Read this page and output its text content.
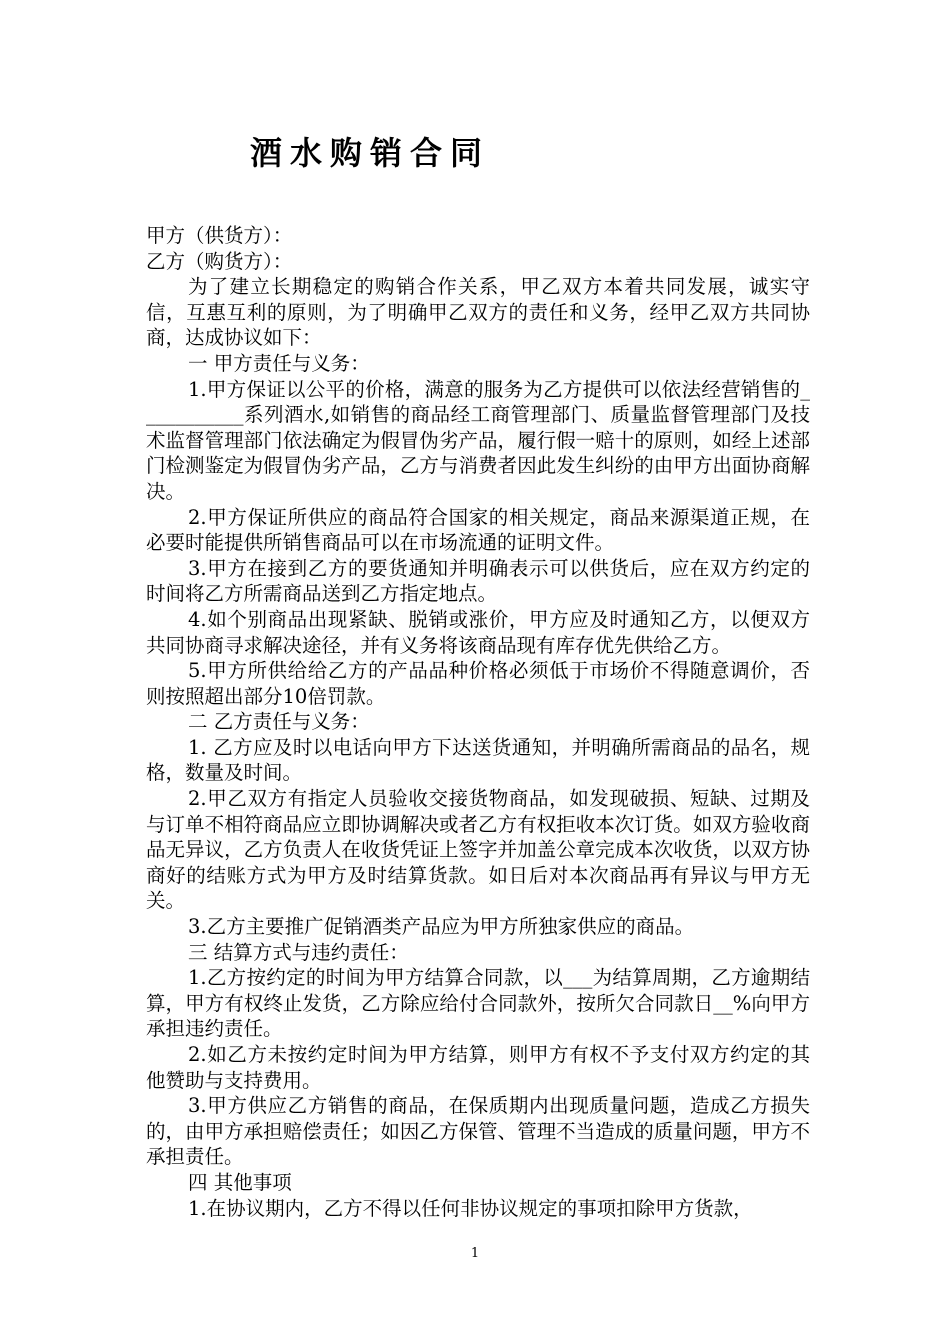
酒水购销合同

甲方（供货方）：

乙方（购货方）：

为了建立长期稳定的购销合作关系，甲乙双方本着共同发展，诚实守信，互惠互利的原则，为了明确甲乙双方的责任和义务，经甲乙双方共同协商，达成协议如下：

一 甲方责任与义务：

1.甲方保证以公平的价格，满意的服务为乙方提供可以依法经营销售的___________系列酒水,如销售的商品经工商管理部门、质量监督管理部门及技术监督管理部门依法确定为假冒伪劣产品，履行假一赔十的原则，如经上述部门检测鉴定为假冒伪劣产品，乙方与消费者因此发生纠纷的由甲方出面协商解决。

2.甲方保证所供应的商品符合国家的相关规定，商品来源渠道正规，在必要时能提供所销售商品可以在市场流通的证明文件。

3.甲方在接到乙方的要货通知并明确表示可以供货后，应在双方约定的时间将乙方所需商品送到乙方指定地点。

4.如个别商品出现紧缺、脱销或涨价，甲方应及时通知乙方，以便双方共同协商寻求解决途径，并有义务将该商品现有库存优先供给乙方。

5.甲方所供给给乙方的产品品种价格必须低于市场价不得随意调价，否则按照超出部分10倍罚款。

二 乙方责任与义务：

1. 乙方应及时以电话向甲方下达送货通知，并明确所需商品的品名，规格，数量及时间。

2.甲乙双方有指定人员验收交接货物商品，如发现破损、短缺、过期及与订单不相符商品应立即协调解决或者乙方有权拒收本次订货。如双方验收商品无异议，乙方负责人在收货凭证上签字并加盖公章完成本次收货，以双方协商好的结账方式为甲方及时结算货款。如日后对本次商品再有异议与甲方无关。

3.乙方主要推广促销酒类产品应为甲方所独家供应的商品。

三 结算方式与违约责任：

1.乙方按约定的时间为甲方结算合同款，以___为结算周期，乙方逾期结算，甲方有权终止发货，乙方除应给付合同款外，按所欠合同款日__%向甲方承担违约责任。

2.如乙方未按约定时间为甲方结算，则甲方有权不予支付双方约定的其他赞助与支持费用。

3.甲方供应乙方销售的商品，在保质期内出现质量问题，造成乙方损失的，由甲方承担赔偿责任；如因乙方保管、管理不当造成的质量问题，甲方不承担责任。

四 其他事项

1.在协议期内，乙方不得以任何非协议规定的事项扣除甲方货款，

1
